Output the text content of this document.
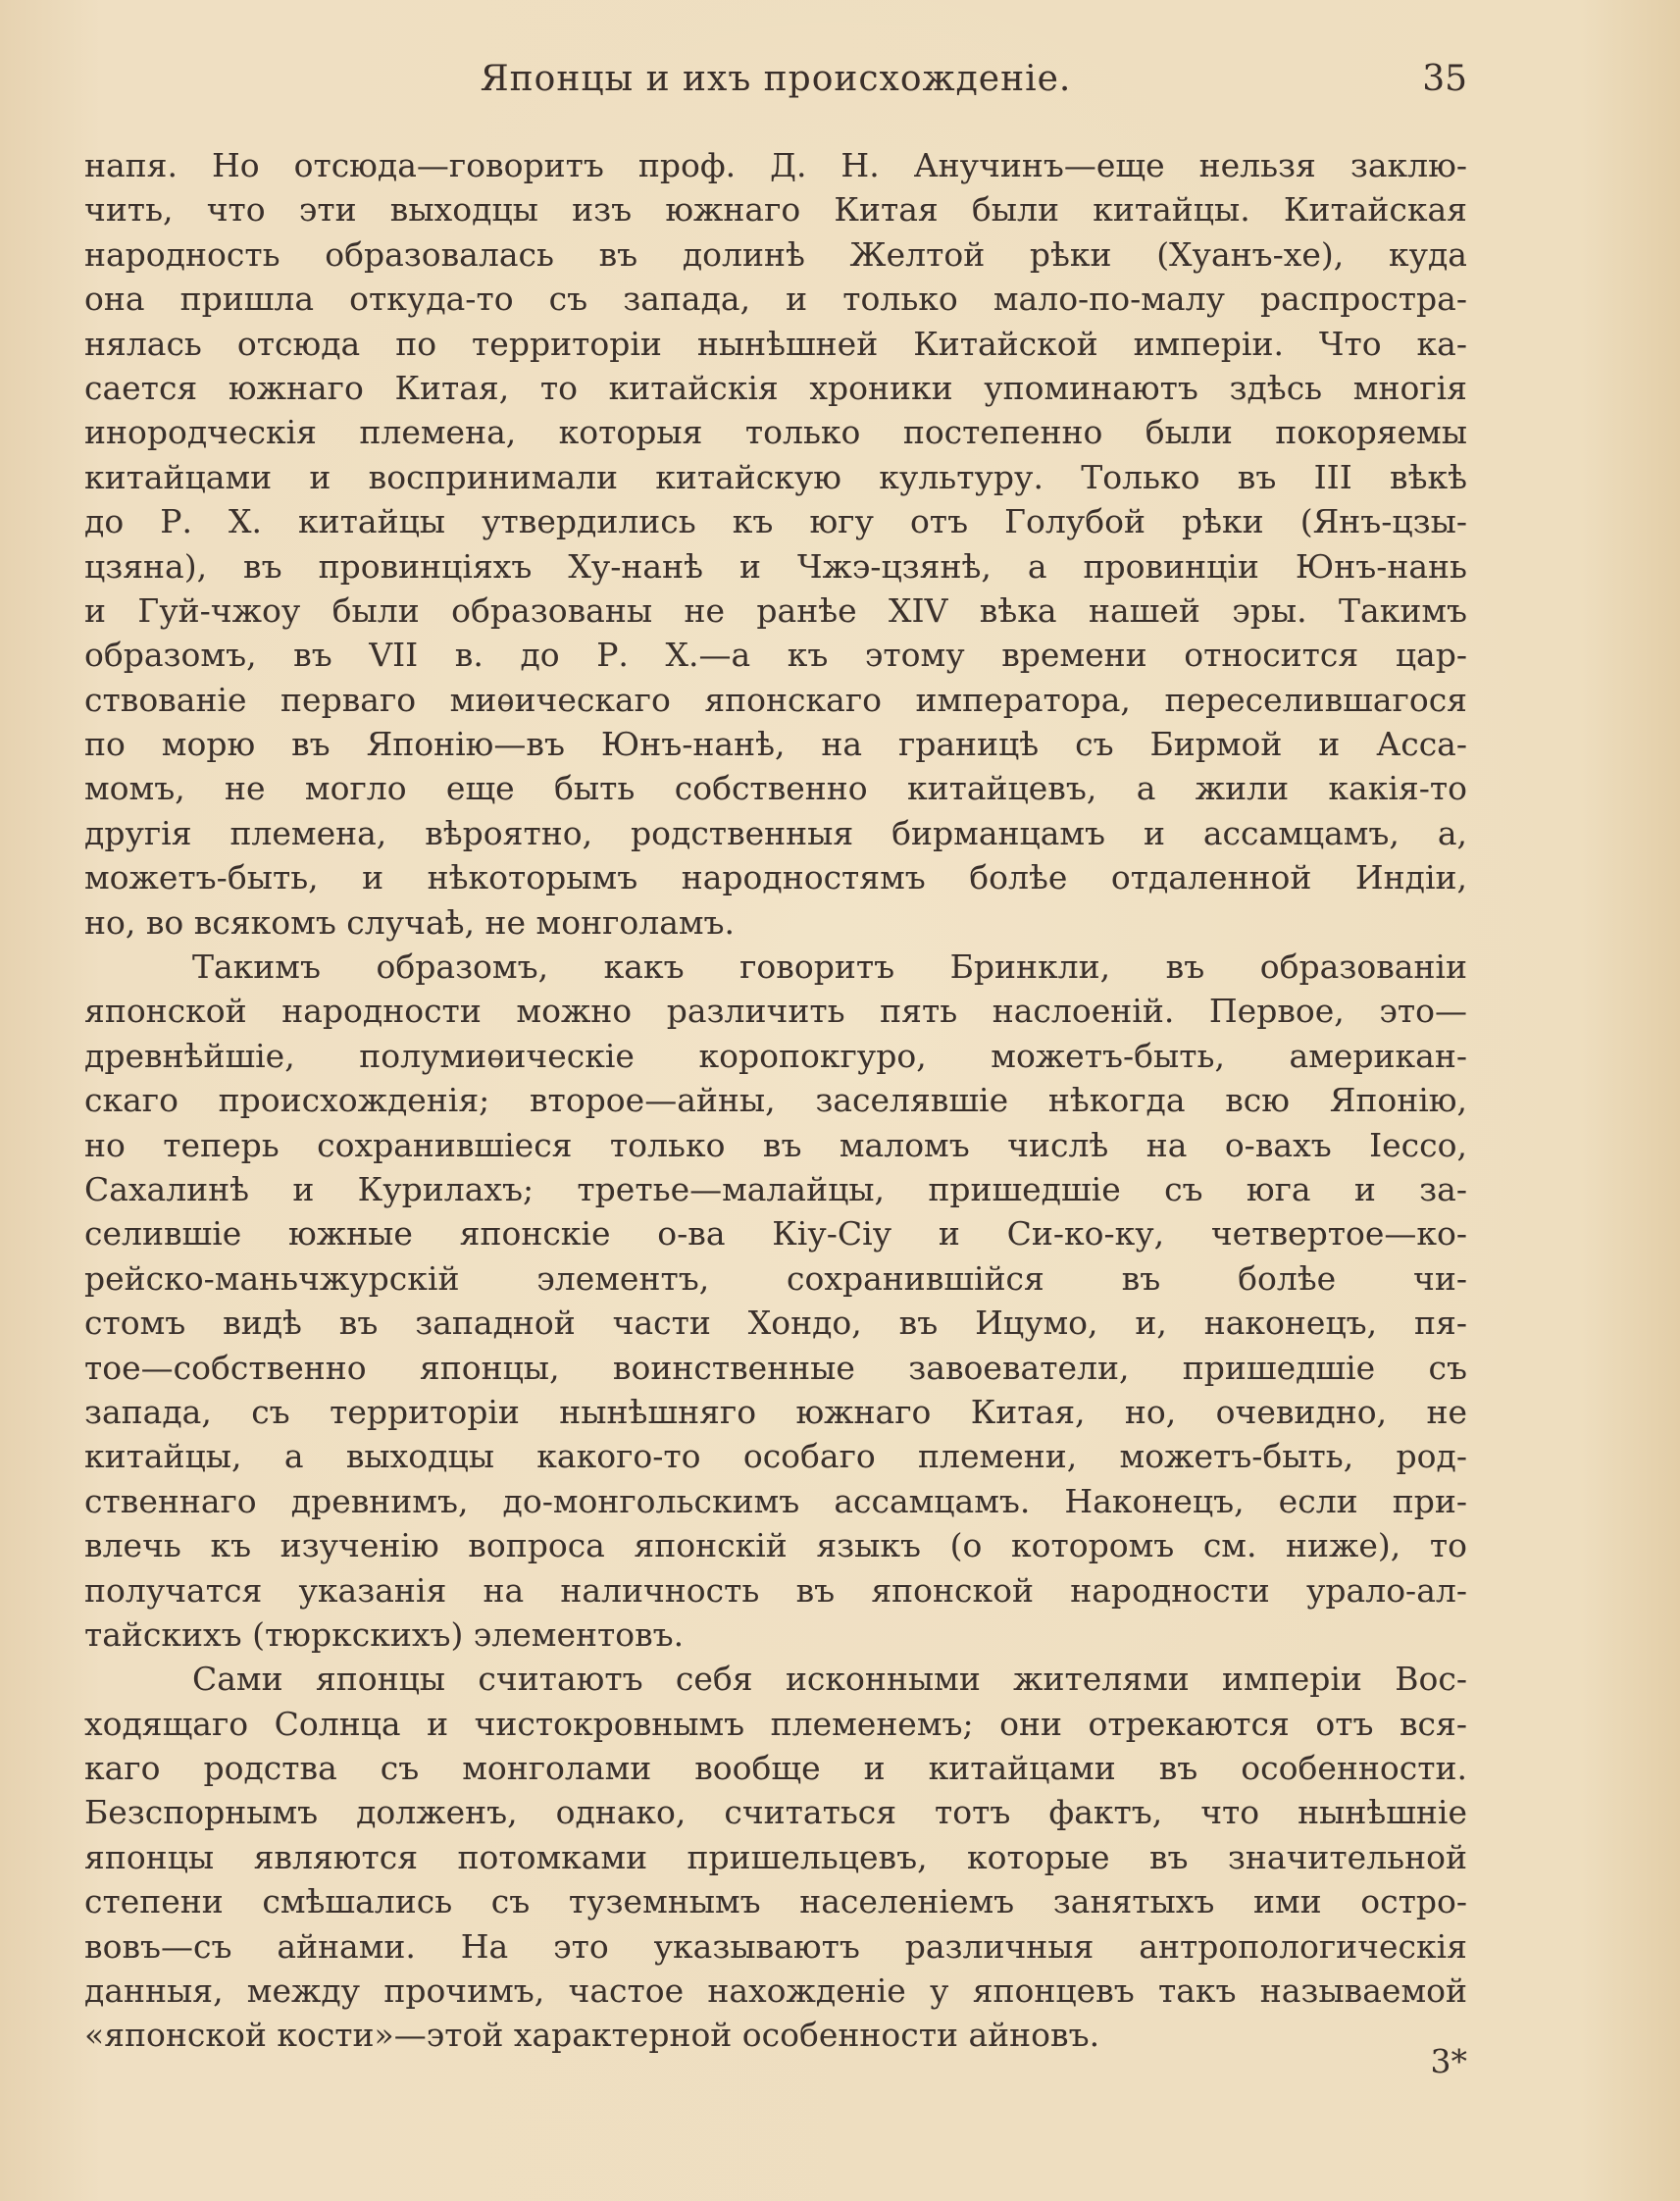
Японцы и ихъ происхожденіе.	35
напя. Но отсюда—говоритъ проф. Д. Н. Анучинъ—еще нельзя заклю-
чить, что эти выходцы изъ южнаго Китая были китайцы. Китайская
народность образовалась въ долинѣ Желтой рѣки (Хуанъ-хе), куда
она пришла откуда-то съ запада, и только мало-по-малу распростра-
нялась отсюда по территоріи нынѣшней Китайской имперіи. Что ка-
сается южнаго Китая, то китайскія хроники упоминаютъ здѣсь многія
инородческія племена, которыя только постепенно были покоряемы
китайцами и воспринимали китайскую культуру. Только въ III вѣкѣ
до Р. Х. китайцы утвердились къ югу отъ Голубой рѣки (Янъ-цзы-
цзяна), въ провинціяхъ Ху-нанѣ и Чжэ-цзянѣ, а провинціи Юнъ-нань
и Гуй-чжоу были образованы не ранѣе XIV вѣка нашей эры. Такимъ
образомъ, въ VII в. до Р. Х.—а къ этому времени относится цар-
ствованіе перваго миѳическаго японскаго императора, переселившагося
по морю въ Японію—въ Юнъ-нанѣ, на границѣ съ Бирмой и Асса-
момъ, не могло еще быть собственно китайцевъ, а жили какія-то
другія племена, вѣроятно, родственныя бирманцамъ и ассамцамъ, а,
можетъ-быть, и нѣкоторымъ народностямъ болѣе отдаленной Индіи,
но, во всякомъ случаѣ, не монголамъ.
Такимъ образомъ, какъ говоритъ Бринкли, въ образованіи
японской народности можно различить пять наслоеній. Первое, это—
древнѣйшіе, полумиѳическіе коропокгуро, можетъ-быть, американ-
скаго происхожденія; второе—айны, заселявшіе нѣкогда всю Японію,
но теперь сохранившіеся только въ маломъ числѣ на о-вахъ Iессо,
Сахалинѣ и Курилахъ; третье—малайцы, пришедшіе съ юга и за-
селившіе южные японскіе о-ва Кіу-Сіу и Си-ко-ку, четвертое—ко-
рейско-маньчжурскій элементъ, сохранившійся въ болѣе чи-
стомъ видѣ въ западной части Хондо, въ Ицумо, и, наконецъ, пя-
тое—собственно японцы, воинственные завоеватели, пришедшіе съ
запада, съ территоріи нынѣшняго южнаго Китая, но, очевидно, не
китайцы, а выходцы какого-то особаго племени, можетъ-быть, род-
ственнаго древнимъ, до-монгольскимъ ассамцамъ. Наконецъ, если при-
влечь къ изученію вопроса японскій языкъ (о которомъ см. ниже), то
получатся указанія на наличность въ японской народности урало-ал-
тайскихъ (тюркскихъ) элементовъ.
Сами японцы считаютъ себя исконными жителями имперіи Вос-
ходящаго Солнца и чистокровнымъ племенемъ; они отрекаются отъ вся-
каго родства съ монголами вообще и китайцами въ особенности.
Безспорнымъ долженъ, однако, считаться тотъ фактъ, что нынѣшніе
японцы являются потомками пришельцевъ, которые въ значительной
степени смѣшались съ туземнымъ населеніемъ занятыхъ ими остро-
вовъ—съ айнами. На это указываютъ различныя антропологическія
данныя, между прочимъ, частое нахожденіе у японцевъ такъ называемой
«японской кости»—этой характерной особенности айновъ.
3*
